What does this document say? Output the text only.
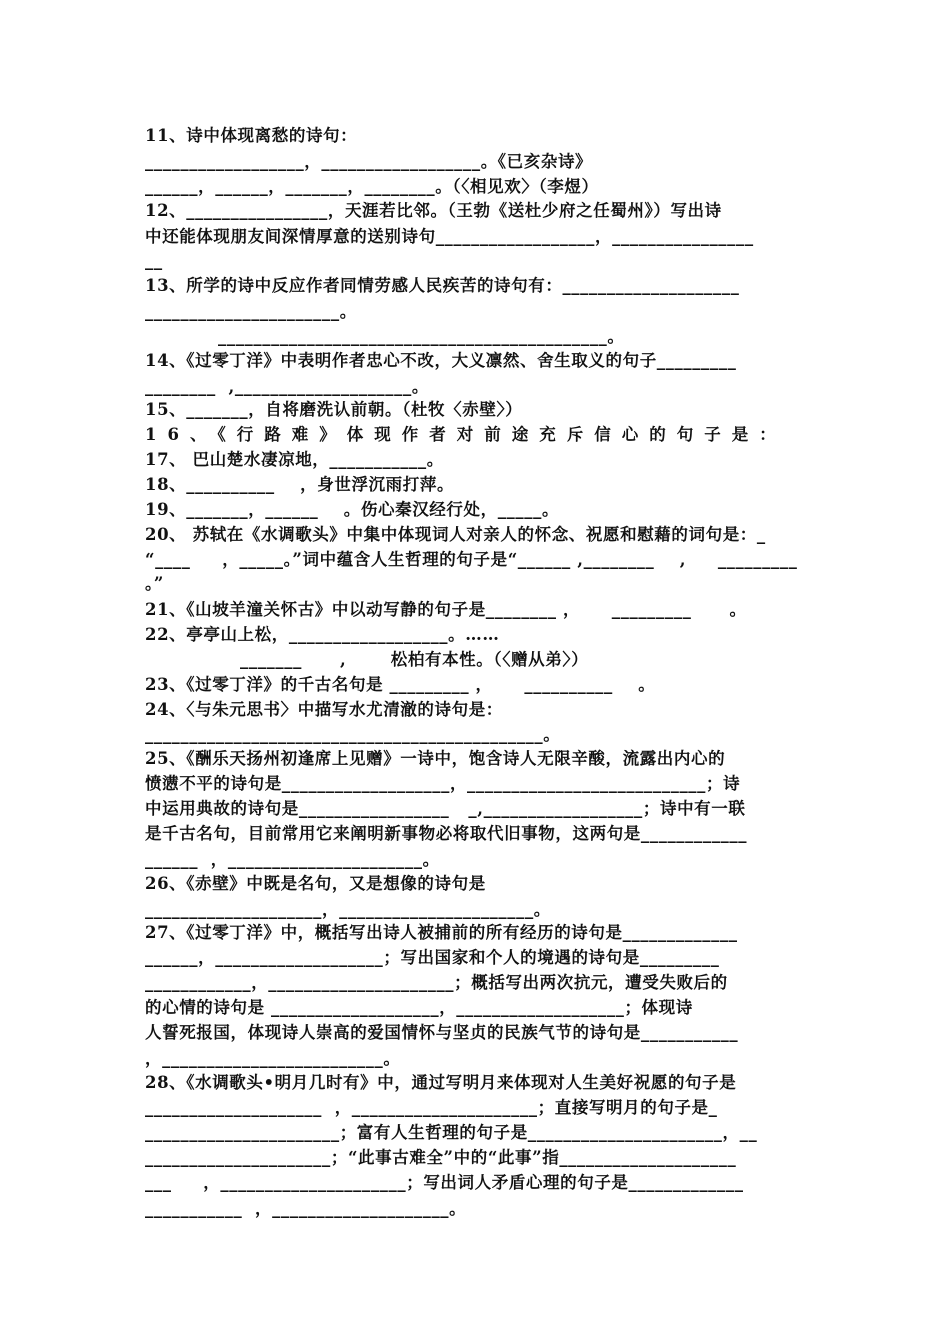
11、诗中体现离愁的诗句：
__________________，__________________。《已亥杂诗》
______，______，_______，________。（〈相见欢〉（李煜）
12、________________，天涯若比邻。（王勃《送杜少府之任蜀州》）写出诗
中还能体现朋友间深情厚意的送别诗句__________________，________________
__
13、所学的诗中反应作者同情劳感人民疾苦的诗句有：____________________
______________________。
____________________________________________。
14、《过零丁洋》中表明作者忠心不改，大义凛然、舍生取义的句子_________
________  ,____________________。
15、_______，自将磨洗认前朝。（杜牧〈赤壁〉）
16、《行路难》体现作者对前途充斥信心的句子是：
17、 巴山楚水凄凉地，___________。
18、__________    ，身世浮沉雨打萍。
19、_______，______    。伤心秦汉经行处，_____。
20、 苏轼在《水调歌头》中集中体现词人对亲人的怀念、祝愿和慰藉的词句是：_
“____     ，_____。”词中蕴含人生哲理的句子是“______ ,________    ,     _________
。”
21、《山坡羊潼关怀古》中以动写静的句子是________ ，     _________      。
22、亭亭山上松，__________________。……
_______      ,       松柏有本性。（〈赠从弟〉）
23、《过零丁洋》的千古名句是 _________ ，     __________    。
24、〈与朱元思书〉中描写水尤清澈的诗句是：
_____________________________________________。
25、《酬乐天扬州初逢席上见赠》一诗中，饱含诗人无限辛酸，流露出内心的
愤懑不平的诗句是___________________，___________________________；诗
中运用典故的诗句是_________________   _,__________________；诗中有一联
是千古名句，目前常用它来阐明新事物必将取代旧事物，这两句是____________
______  ，______________________。
26、《赤壁》中既是名句，又是想像的诗句是
____________________，______________________。
27、《过零丁洋》中，概括写出诗人被捕前的所有经历的诗句是_____________
______，___________________；写出国家和个人的境遇的诗句是_________
____________，_____________________；概括写出两次抗元，遭受失败后的
的心情的诗句是 ___________________，___________________；体现诗
人誓死报国，体现诗人崇高的爱国情怀与坚贞的民族气节的诗句是___________
，_________________________。
28、《水调歌头•明月几时有》中，通过写明月来体现对人生美好祝愿的句子是
____________________  ，_____________________；直接写明月的句子是_
______________________；富有人生哲理的句子是______________________，__
_____________________；“此事古难全”中的“此事”指____________________
___     ，_____________________；写出词人矛盾心理的句子是_____________
___________  ，____________________。
